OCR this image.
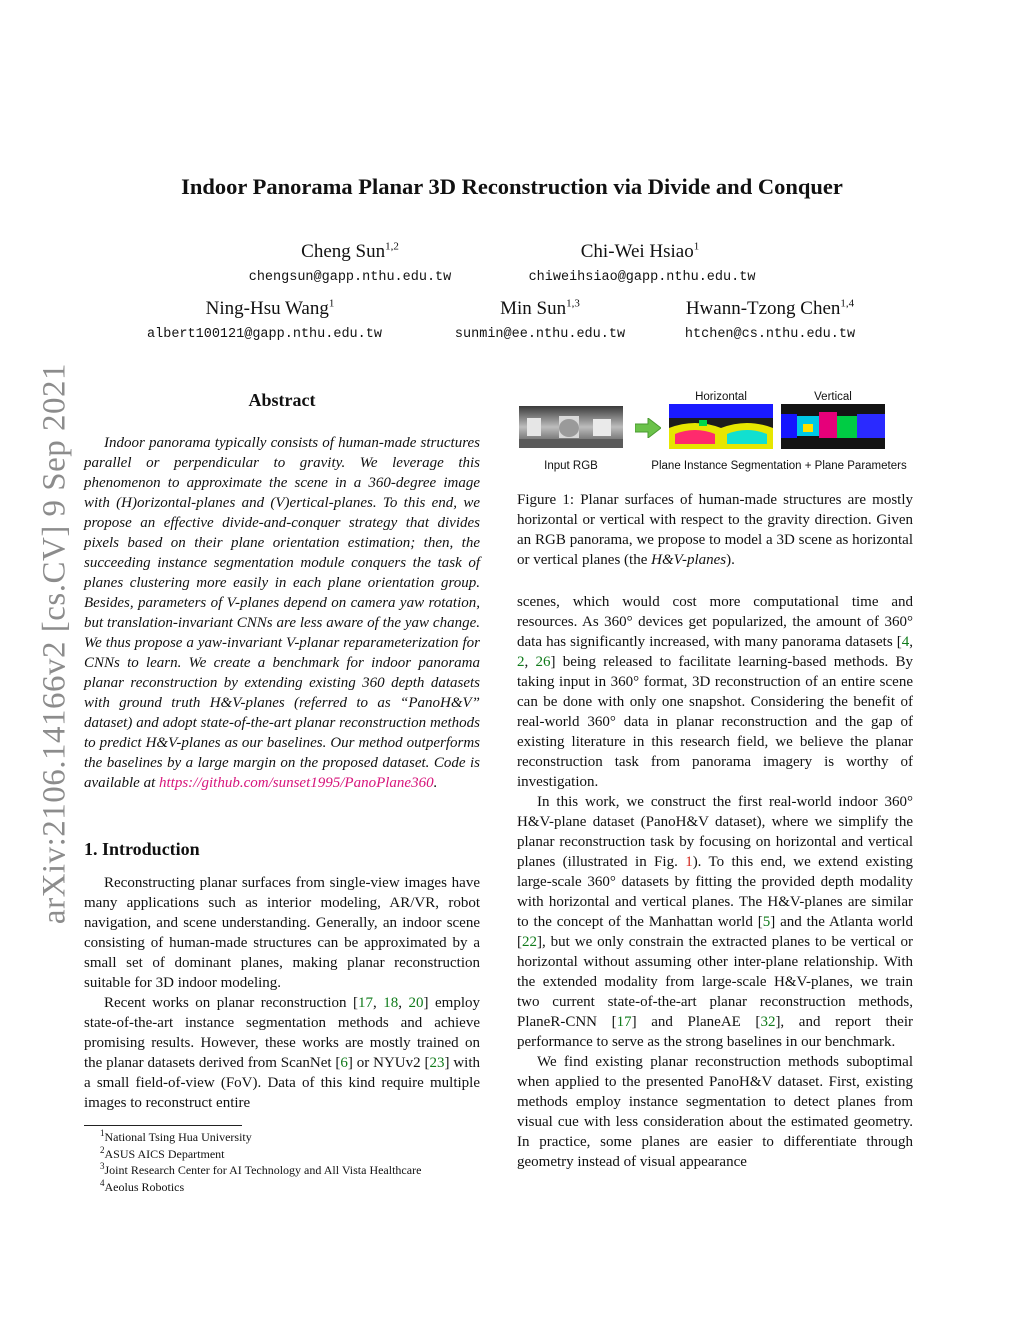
arXiv:2106.14166v2 [cs.CV] 9 Sep 2021
Indoor Panorama Planar 3D Reconstruction via Divide and Conquer
Cheng Sun$^{1,2}$
chengsun@gapp.nthu.edu.tw
Chi-Wei Hsiao$^1$
chiweihsiao@gapp.nthu.edu.tw
Ning-Hsu Wang$^1$
albert100121@gapp.nthu.edu.tw
Min Sun$^{1,3}$
sunmin@ee.nthu.edu.tw
Hwann-Tzong Chen$^{1,4}$
htchen@cs.nthu.edu.tw
Abstract

Indoor panorama typically consists of human-made structures parallel or perpendicular to gravity. We leverage this phenomenon to approximate the scene in a 360-degree image with (H)orizontal-planes and (V)ertical-planes. To this end, we propose an effective divide-and-conquer strategy that divides pixels based on their plane orientation estimation; then, the succeeding instance segmentation module conquers the task of planes clustering more easily in each plane orientation group. Besides, parameters of V-planes depend on camera yaw rotation, but translation-invariant CNNs are less aware of the yaw change. We thus propose a yaw-invariant V-planar reparameterization for CNNs to learn. We create a benchmark for indoor panorama planar reconstruction by extending existing 360 depth datasets with ground truth H&V-planes (referred to as “PanoH&V” dataset) and adopt state-of-the-art planar reconstruction methods to predict H&V-planes as our baselines. Our method outperforms the baselines by a large margin on the proposed dataset. Code is available at https://github.com/sunset1995/PanoPlane360.

1. Introduction

Reconstructing planar surfaces from single-view images have many applications such as interior modeling, AR/VR, robot navigation, and scene understanding. Generally, an indoor scene consisting of human-made structures can be approximated by a small set of dominant planes, making planar reconstruction suitable for 3D indoor modeling.

Recent works on planar reconstruction [17, 18, 20] employ state-of-the-art instance segmentation methods and achieve promising results. However, these works are mostly trained on the planar datasets derived from ScanNet [6] or NYUv2 [23] with a small field-of-view (FoV). Data of this kind require multiple images to reconstruct entire

$^1$National Tsing Hua University
$^2$ASUS AICS Department
$^3$Joint Research Center for AI Technology and All Vista Healthcare
$^4$Aeolus Robotics
Input RGB
Horizontal	Vertical
Plane Instance Segmentation + Plane Parameters
Figure 1: Planar surfaces of human-made structures are mostly horizontal or vertical with respect to the gravity direction. Given an RGB panorama, we propose to model a 3D scene as horizontal or vertical planes (the H&V-planes).

scenes, which would cost more computational time and resources. As 360° devices get popularized, the amount of 360° data has significantly increased, with many panorama datasets [4, 2, 26] being released to facilitate learning-based methods. By taking input in 360° format, 3D reconstruction of an entire scene can be done with only one snapshot. Considering the benefit of real-world 360° data in planar reconstruction and the gap of existing literature in this research field, we believe the planar reconstruction task from panorama imagery is worthy of investigation.

In this work, we construct the first real-world indoor 360° H&V-plane dataset (PanoH&V dataset), where we simplify the planar reconstruction task by focusing on horizontal and vertical planes (illustrated in Fig. 1). To this end, we extend existing large-scale 360° datasets by fitting the provided depth modality with horizontal and vertical planes. The H&V-planes are similar to the concept of the Manhattan world [5] and the Atlanta world [22], but we only constrain the extracted planes to be vertical or horizontal without assuming other inter-plane relationship. With the extended modality from large-scale H&V-planes, we train two current state-of-the-art planar reconstruction methods, PlaneR-CNN [17] and PlaneAE [32], and report their performance to serve as the strong baselines in our benchmark.

We find existing planar reconstruction methods suboptimal when applied to the presented PanoH&V dataset. First, existing methods employ instance segmentation to detect planes from visual cue with less consideration about the estimated geometry. In practice, some planes are easier to differentiate through geometry instead of visual appearance
